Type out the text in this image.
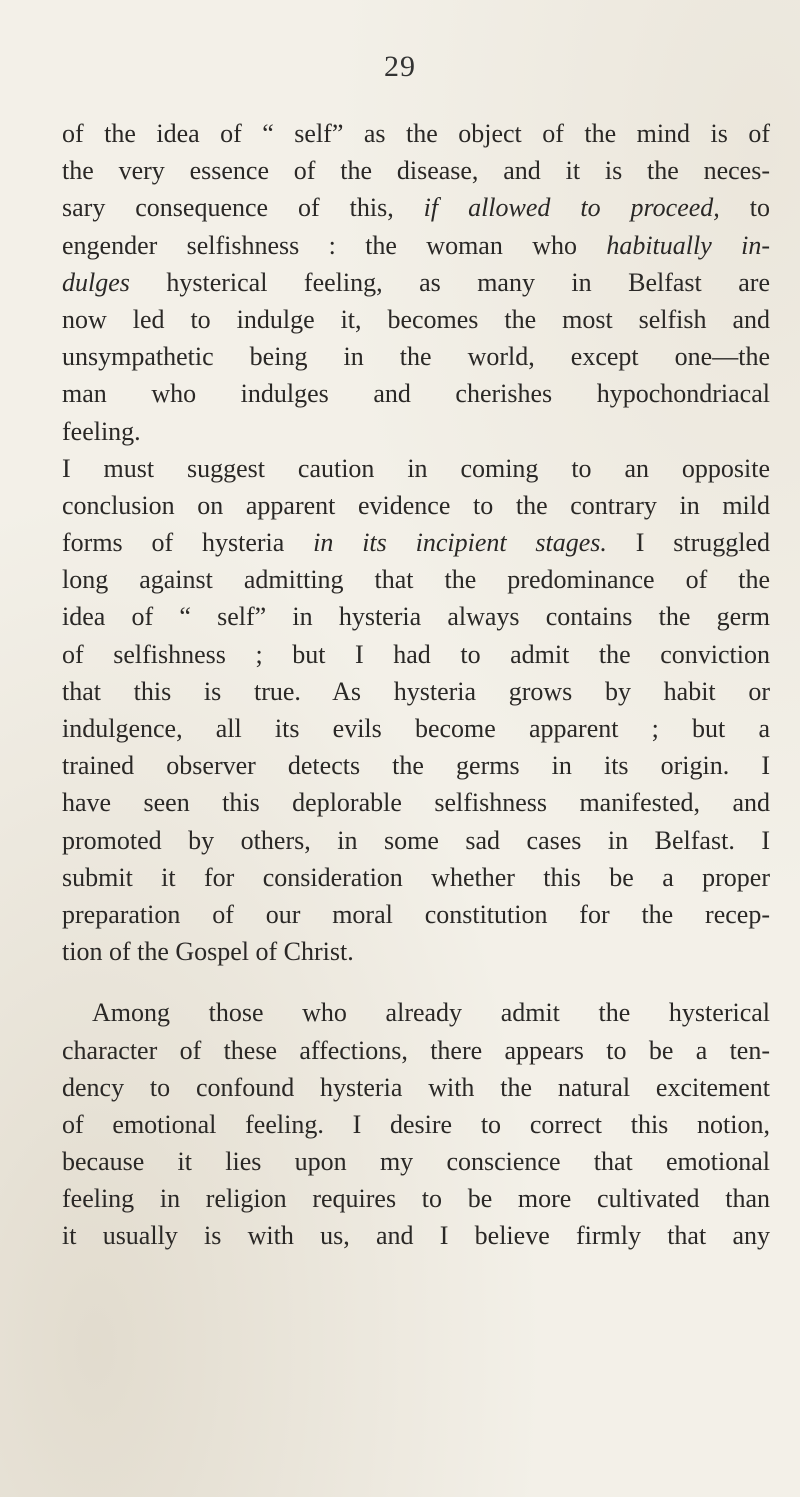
29
of the idea of “ self” as the object of the mind is of
the very essence of the disease, and it is the neces-
sary consequence of this, if allowed to proceed, to
engender selfishness : the woman who habitually in-
dulges hysterical feeling, as many in Belfast are
now led to indulge it, becomes the most selfish and
unsympathetic being in the world, except one—the
man who indulges and cherishes hypochondriacal
feeling.
I must suggest caution in coming to an opposite
conclusion on apparent evidence to the contrary in mild
forms of hysteria in its incipient stages. I struggled
long against admitting that the predominance of the
idea of “ self” in hysteria always contains the germ
of selfishness ; but I had to admit the conviction
that this is true. As hysteria grows by habit or
indulgence, all its evils become apparent ; but a
trained observer detects the germs in its origin. I
have seen this deplorable selfishness manifested, and
promoted by others, in some sad cases in Belfast. I
submit it for consideration whether this be a proper
preparation of our moral constitution for the recep-
tion of the Gospel of Christ.
Among those who already admit the hysterical
character of these affections, there appears to be a ten-
dency to confound hysteria with the natural excitement
of emotional feeling. I desire to correct this notion,
because it lies upon my conscience that emotional
feeling in religion requires to be more cultivated than
it usually is with us, and I believe firmly that any
